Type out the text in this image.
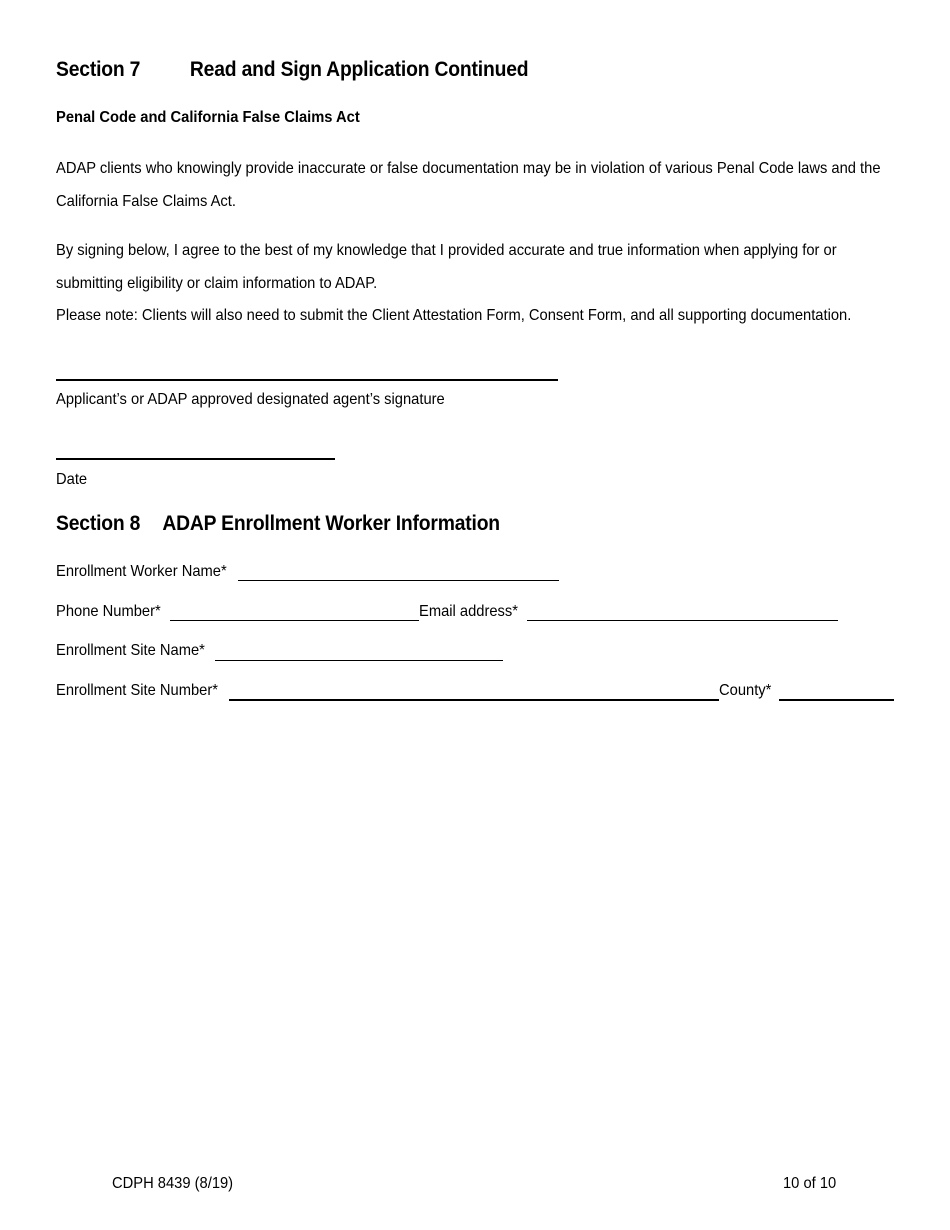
Section 7 Read and Sign Application Continued
Penal Code and California False Claims Act
ADAP clients who knowingly provide inaccurate or false documentation may be in violation of various Penal Code laws and the California False Claims Act.
By signing below, I agree to the best of my knowledge that I provided accurate and true information when applying for or submitting eligibility or claim information to ADAP.
Please note: Clients will also need to submit the Client Attestation Form, Consent Form, and all supporting documentation.
Applicant’s or ADAP approved designated agent’s signature
Date
Section 8 ADAP Enrollment Worker Information
Enrollment Worker Name*
Phone Number*	Email address*
Enrollment Site Name*
Enrollment Site Number*	County*
CDPH 8439 (8/19)	10 of 10
